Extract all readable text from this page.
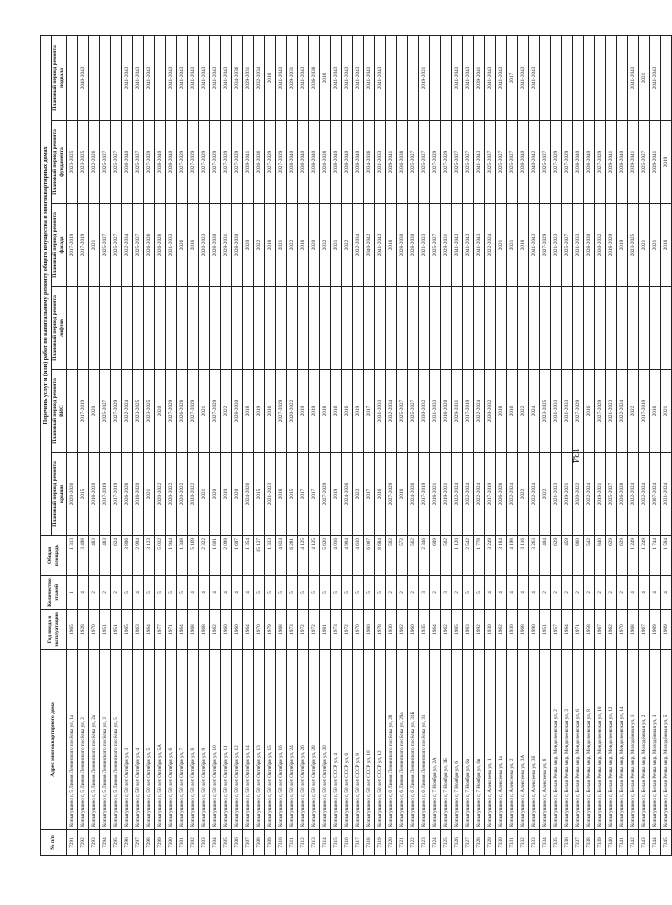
134
№ п/п	Адрес многоквартирного дома	Год ввода в эксплуатацию	Количество этажей	Общая площадь	Перечень услуг и (или) работ по капитальному ремонту общего имущества в многоквартирных домах					
					Плановый период ремонта крыши	Плановый период ремонта ВИС	Плановый период ремонта лифтов	Плановый период ремонта фасада	Плановый период ремонта фундамента	Плановый период ремонта подвала
7291	Копыгушино г, 5 Линия Ленинского посёлка ул, 1а	1965	1	1 313	2020-2026			2017-2019	2023-2025	
7292	Копыгушино г, 5 Линия Ленинского посёлка ул, 2	1928	4	3 498	2015	2017-2019		2017-2019	2023-2025	2040-2043
7293	Копыгушино г, 5 Линия Ленинского посёлка ул, 2а	1970	2	483	2018-2020	2020		2021	2022-2026	
7294	Копыгушино г, 5 Линия Ленинского посёлка ул, 3	1951	2	483	2017-2019	2025-2027		2025-2027	2025-2027	
7295	Копыгушино г, 5 Линия Ленинского посёлка ул, 5	1951	2	624	2017-2019	2027-2029		2025-2027	2025-2027	
7296	Копыгушино г, 50 лет Октября ул, 3	1965	5	3 896	2026-2028	2022-2024		2032-2034	2038-2040	2041-2043
7297	Копыгушино г, 50 лет Октября ул, 4	1963	4	2 994	2018-2020	2023-2025		2025-2027	2025-2027	2041-2043
7298	Копыгушино г, 50 лет Октября ул, 5	1964	5	3 123	2021	2023-2025		2026-2028	2027-2029	2041-2043
7299	Копыгушино г, 50 лет Октября ул, 5А	1977	5	5 032	2020-2022	2020		2026-2028	2038-2040	
7300	Копыгушино г, 50 лет Октября ул, 6	1971	5	1 944	2020-2022	2027-2029		2031-2033	2038-2040	2041-2043
7301	Копыгушино г, 50 лет Октября ул, 7	1964	5	1 348	2020-2022	2026-2028		2026	2027-2029	2041-2043
7302	Копыгушино г, 50 лет Октября ул, 8	1968	4	5 169	2020-2022	2027-2029		2016	2027-2029	2041-2043
7303	Копыгушино г, 50 лет Октября ул, 9	1968	4	2 322	2021	2021		2020-2023	2027-2029	2041-2043
7304	Копыгушино г, 50 лет Октября ул, 10	1962	4	1 601	2020	2027-2029		2028-2030	2027-2029	2041-2043
7305	Копыгушино г, 50 лет Октября ул, 11	1960	4	2 099	2019	2022		2029-2031	2027-2029	2041-2043
7306	Копыгушино г, 50 лет Октября ул, 12	1960	4	1 697	2020	2028-2030		2028-2030	2027-2029	2034-2036
7307	Копыгушино г, 50 лет Октября ул, 14	1964	4	1 354	2024-2026	2018		2020	2039-2041	2029-2031
7308	Копыгушино г, 50 лет Октября ул, 13	1970	5	15 137	2015	2019		2022	2036-2036	2032-2034
7309	Копыгушино г, 50 лет Октября ул, 15	1979	5	1 333	2021-2023	2016		2018	2027-2029	2018
7310	Копыгушино г, 50 лет Октября ул, 16	1968	5	4 824	2018	2027-2029		2021	2027-2029	2041-2043
7311	Копыгушино г, 50 лет Октября ул, 24	1973	5	6 281	2015	2020-2022		2022	2038-2040	2029-2031
7312	Копыгушино г, 50 лет Октября ул, 26	1972	5	4 125	2017	2019		2018	2038-2040	2041-2043
7313	Копыгушино г, 50 лет Октября ул, 28	1972	5	4 125	2017	2019		2020	2038-2040	2036-2038
7314	Копыгушино г, 50 лет Октября ул, 30	1981	5	5 620	2027-2029	2018		2032	2026-2028	2018
7315	Копыгушино г, 50 лет СССР ул, 4	1973	5	4 016	2019	2016		2021	2038-2040	2041-2043
7316	Копыгушино г, 50 лет СССР ул, 6	1972	5	4 904	2024-2026	2016		2022	2038-2040	2041-2043
7317	Копыгушино г, 50 лет СССР ул, 8	1970	5	4 610	2022	2019		2032-2034	2038-2040	2041-2043
7318	Копыгушино г, 50 лет СССР ул, 10	1980	5	6 007	2017	2017		2040-2042	2034-2036	2041-2043
7319	Копыгушино г, 50 лет СССР ул, 12	1978	5	8 684	2016	2031-2033		2041-2043	2031-2033	2041-2043
7320	Копыгушино г, 6 Линия Ленинского посёлка ул, 28	1930	2	592	2027-2029	2032-2034		2018	2039-2041	
7321	Копыгушино г, 6 Линия Ленинского посёлка ул, 29а	1962	2	572	2018	2025-2027		2028-2030	2036-2038	
7322	Копыгушино г, 6 Линия Ленинского посёлка ул, 31Б	1960	2	562	2024-2026	2025-2027		2028-2030	2025-2027	
7323	Копыгушино г, 6 Линия Ленинского посёлка ул, 31	1935	3	2 346	2017-2019	2030-2032		2021-2023	2025-2027	2019-2021
7324	Копыгушино г, 7 Ноября ул, 2А	1964	2	609	2018-2021	2031-2033		2025-2027	2027-2029	
7325	Копыгушино г, 7 Ноября ул, 3Б	1962	3	502	2019-2021	2018-2020		2029-2031	2027-2029	
7326	Копыгушино г, 7 Ноября ул, 6	1985	2	1 120	2022-2024	2029-2031		2041-2043	2025-2027	2041-2043
7327	Копыгушино г, 7 Ноября ул, 6а	1983	5	2 542	2022-2024	2017-2019		2041-2043	2025-2027	2041-2043
7328	Копыгушино г, 7 Ноября ул, 6в	1992	5	1 778	2022-2024	2022-2024		2041-2043	2041-2043	2039-2041
7329	Копыгушино г, Алексеева ул, 1	1930	4	3 249	2017-2019	2030-2032		2022-2024	2025-2027	2041-2043
7330	Копыгушино г, Алексеева ул, 1а	1962	4	3 184	2026-2028	2018		2021	2025-2027	2041-2043
7331	Копыгушино г, Алексеева ул, 2	1930	4	4 198	2022-2024	2016		2021	2025-2027	2017
7332	Копыгушино г, Алексеева ул, 3А	1968	4	3 116	2022	2022		2018	2038-2040	2041-2043
7333	Копыгушино г, Алексеева ул, 3б	1990	4	3 263	2022-2024	2024		2041-2043	2040-2042	2041-2043
7334	Копыгушино г, Алексеева ул, 8	1951	2	404	2022	2023-2025		2027-2029	2025-2027	
7335	Копыгушино г, Белая Речка мкр, Менделеевская ул, 2	1957	2	629	2021-2023	2031-2033		2021-2023	2027-2029	
7336	Копыгушино г, Белая Речка мкр, Менделеевская ул, 3	1964	2	459	2019-2021	2031-2033		2025-2027	2027-2029	
7337	Копыгушино г, Белая Речка мкр, Менделеевская ул, 6	1971	2	860	2020-2022	2027-2029		2031-2033	2038-2040	
7338	Копыгушино г, Белая Речка мкр, Менделеевская ул, 8	1958	2	542	2022-2024	2016		2028-2030	2038-2040	
7339	Копыгушино г, Белая Речка мкр, Менделеевская ул, 10	1967	2	840	2019-2021	2027-2029		2030-2032	2027-2029	
7340	Копыгушино г, Белая Речка мкр, Менделеевская ул, 12	1962	2	629	2025-2027	2021-2023		2018-2020	2039-2041	
7341	Копыгушино г, Белая Речка мкр, Менделеевская ул, 14	1970	2	629	2026-2028	2022-2024		2019	2038-2040	
7342	Копыгушино г, Белая Речка мкр, Молодёжная ул, 1	1968	4	1 249	2022-2024	2022		2023-2025	2039-2041	2041-2043
7343	Копыгушино г, Белая Речка мкр, Молодёжная ул, 2	1967	4	1 249	2022-2024	2017-2019		2021	2025-2027	2021
7344	Копыгушино г, Белая Речка мкр, Молодёжная ул, 3	1989	4	1 744	2007-2024	2016		2021	2039-2041	2041-2043
7345	Копыгушино г, Белая Речка мкр, Молодёжная ул, 5	1989	4	1 594	2021-2024	2021		2018	2019	
